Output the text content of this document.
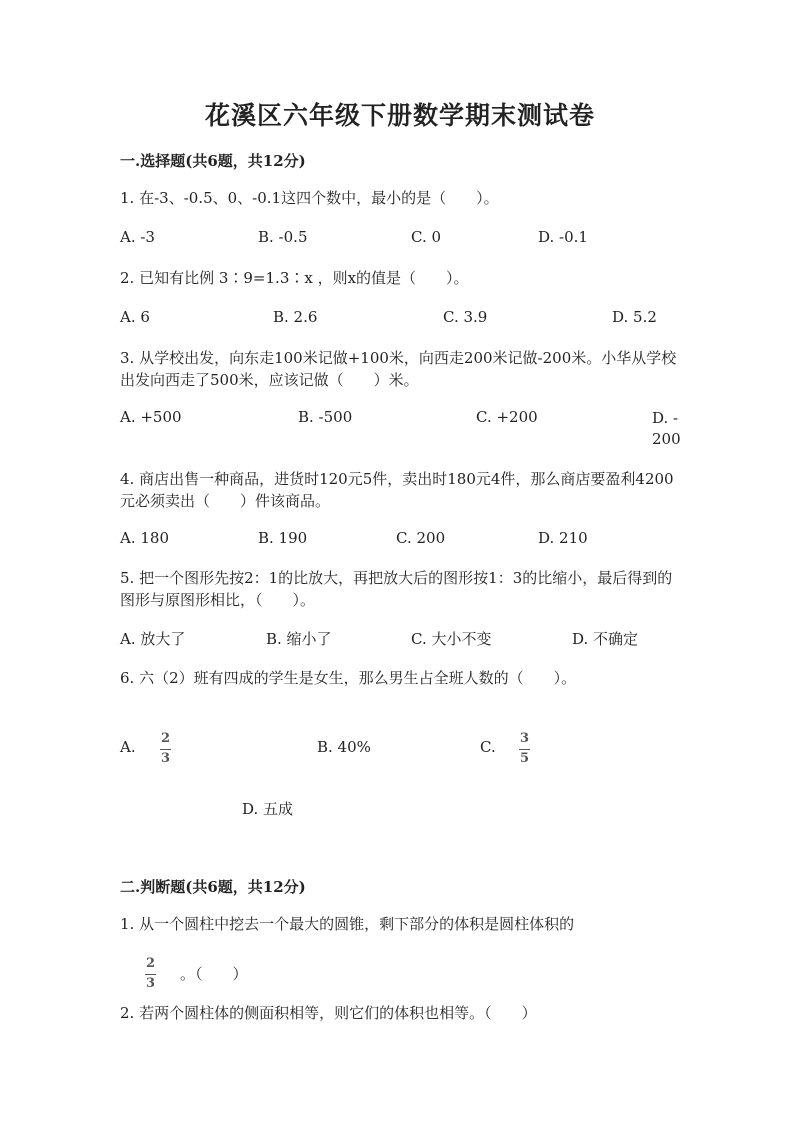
花溪区六年级下册数学期末测试卷
一.选择题(共6题，共12分)
1. 在-3、-0.5、0、-0.1这四个数中，最小的是（　　）。
A. -3	B. -0.5	C. 0	D. -0.1
2. 已知有比例 3∶9=1.3∶x ，则x的值是（　　）。
A. 6	B. 2.6	C. 3.9	D. 5.2
3. 从学校出发，向东走100米记做+100米，向西走200米记做-200米。小华从学校出发向西走了500米，应该记做（　　）米。
A. +500	B. -500	C. +200	D. -200
4. 商店出售一种商品，进货时120元5件，卖出时180元4件，那么商店要盈利4200元必须卖出（　　）件该商品。
A. 180	B. 190	C. 200	D. 210
5. 把一个图形先按2：1的比放大，再把放大后的图形按1：3的比缩小，最后得到的图形与原图形相比，（　　）。
A. 放大了	B. 缩小了	C. 大小不变	D. 不确定
6. 六（2）班有四成的学生是女生，那么男生占全班人数的（　　）。
A. 2
3
B. 40%	C. 3
5
D. 五成
二.判断题(共6题，共12分)
1. 从一个圆柱中挖去一个最大的圆锥，剩下部分的体积是圆柱体积的
2
3
。（　　）
2. 若两个圆柱体的侧面积相等，则它们的体积也相等。（　　）
